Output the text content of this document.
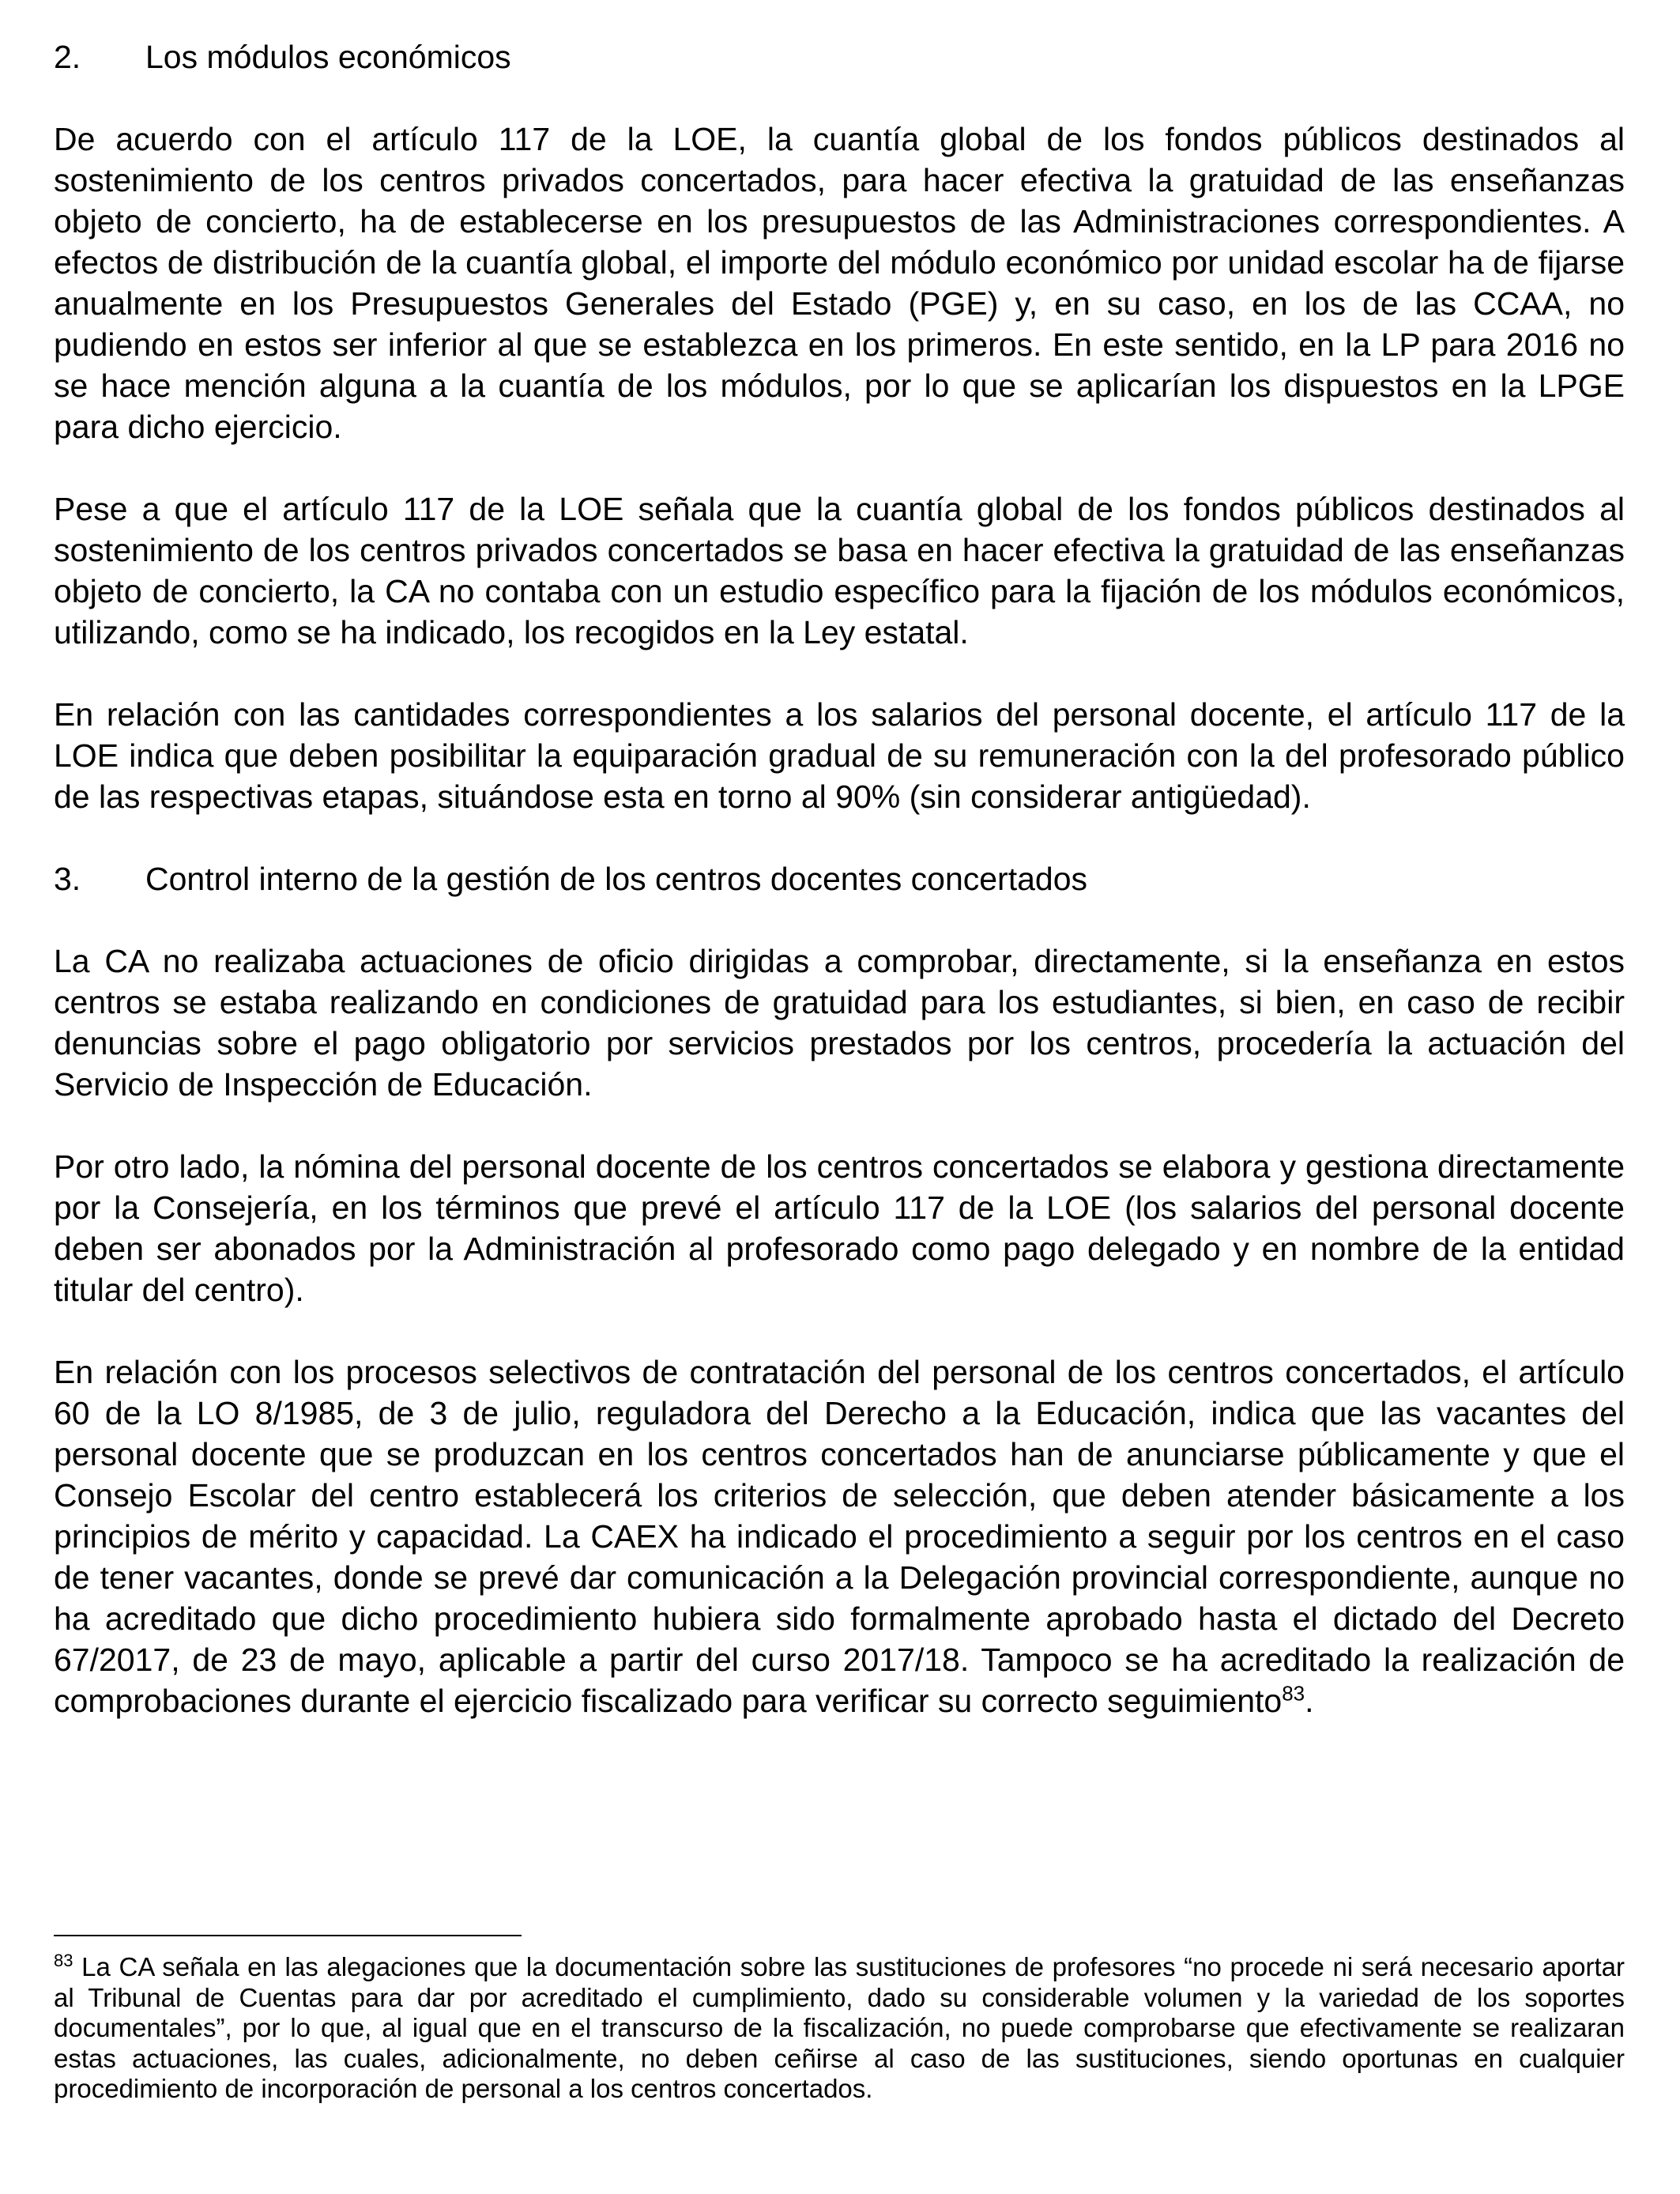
2.	Los módulos económicos

De acuerdo con el artículo 117 de la LOE, la cuantía global de los fondos públicos destinados al sostenimiento de los centros privados concertados, para hacer efectiva la gratuidad de las enseñanzas objeto de concierto, ha de establecerse en los presupuestos de las Administraciones correspondientes. A efectos de distribución de la cuantía global, el importe del módulo económico por unidad escolar ha de fijarse anualmente en los Presupuestos Generales del Estado (PGE) y, en su caso, en los de las CCAA, no pudiendo en estos ser inferior al que se establezca en los primeros. En este sentido, en la LP para 2016 no se hace mención alguna a la cuantía de los módulos, por lo que se aplicarían los dispuestos en la LPGE para dicho ejercicio.

Pese a que el artículo 117 de la LOE señala que la cuantía global de los fondos públicos destinados al sostenimiento de los centros privados concertados se basa en hacer efectiva la gratuidad de las enseñanzas objeto de concierto, la CA no contaba con un estudio específico para la fijación de los módulos económicos, utilizando, como se ha indicado, los recogidos en la Ley estatal.

En relación con las cantidades correspondientes a los salarios del personal docente, el artículo 117 de la LOE indica que deben posibilitar la equiparación gradual de su remuneración con la del profesorado público de las respectivas etapas, situándose esta en torno al 90% (sin considerar antigüedad).

3.	Control interno de la gestión de los centros docentes concertados

La CA no realizaba actuaciones de oficio dirigidas a comprobar, directamente, si la enseñanza en estos centros se estaba realizando en condiciones de gratuidad para los estudiantes, si bien, en caso de recibir denuncias sobre el pago obligatorio por servicios prestados por los centros, procedería la actuación del Servicio de Inspección de Educación.

Por otro lado, la nómina del personal docente de los centros concertados se elabora y gestiona directamente por la Consejería, en los términos que prevé el artículo 117 de la LOE (los salarios del personal docente deben ser abonados por la Administración al profesorado como pago delegado y en nombre de la entidad titular del centro).

En relación con los procesos selectivos de contratación del personal de los centros concertados, el artículo 60 de la LO 8/1985, de 3 de julio, reguladora del Derecho a la Educación, indica que las vacantes del personal docente que se produzcan en los centros concertados han de anunciarse públicamente y que el Consejo Escolar del centro establecerá los criterios de selección, que deben atender básicamente a los principios de mérito y capacidad. La CAEX ha indicado el procedimiento a seguir por los centros en el caso de tener vacantes, donde se prevé dar comunicación a la Delegación provincial correspondiente, aunque no ha acreditado que dicho procedimiento hubiera sido formalmente aprobado hasta el dictado del Decreto 67/2017, de 23 de mayo, aplicable a partir del curso 2017/18. Tampoco se ha acreditado la realización de comprobaciones durante el ejercicio fiscalizado para verificar su correcto seguimiento$^{83}$.

$^{83}$ La CA señala en las alegaciones que la documentación sobre las sustituciones de profesores “no procede ni será necesario aportar al Tribunal de Cuentas para dar por acreditado el cumplimiento, dado su considerable volumen y la variedad de los soportes documentales”, por lo que, al igual que en el transcurso de la fiscalización, no puede comprobarse que efectivamente se realizaran estas actuaciones, las cuales, adicionalmente, no deben ceñirse al caso de las sustituciones, siendo oportunas en cualquier procedimiento de incorporación de personal a los centros concertados.
